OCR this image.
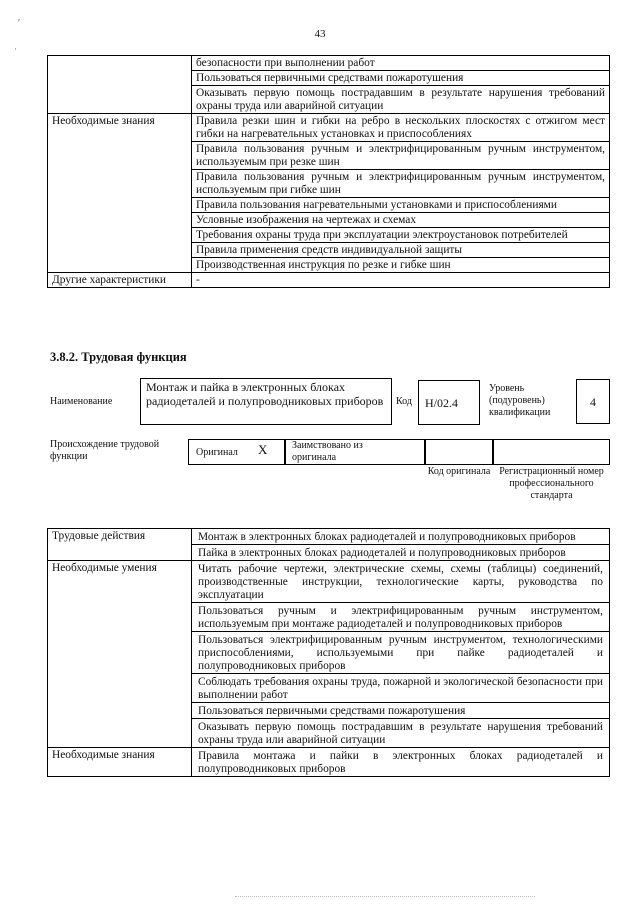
′
·
43
	безопасности при выполнении работ
	Пользоваться первичными средствами пожаротушения
	Оказывать первую помощь пострадавшим в результате нарушения требований охраны труда или аварийной ситуации
Необходимые знания	Правила резки шин и гибки на ребро в нескольких плоскостях с отжигом мест гибки на нагревательных установках и приспособлениях
	Правила пользования ручным и электрифицированным ручным инструментом, используемым при резке шин
	Правила пользования ручным и электрифицированным ручным инструментом, используемым при гибке шин
	Правила пользования нагревательными установками и приспособлениями
	Условные изображения на чертежах и схемах
	Требования охраны труда при эксплуатации электроустановок потребителей
	Правила применения средств индивидуальной защиты
	Производственная инструкция по резке и гибке шин
Другие характеристики	-
3.8.2. Трудовая функция
Наименование
Монтаж и пайка в электронных блоках радиодеталей и полупроводниковых приборов	Код	H/02.4
Уровень (подуровень) квалификации
4
Происхождение трудовой функции	Оригинал X Заимствовано из оригинала
Код оригинала Регистрационный номер профессионального стандарта
Трудовые действия	Монтаж в электронных блоках радиодеталей и полупроводниковых приборов
	Пайка в электронных блоках радиодеталей и полупроводниковых приборов
Необходимые умения	Читать рабочие чертежи, электрические схемы, схемы (таблицы) соединений, производственные инструкции, технологические карты, руководства по эксплуатации
	Пользоваться ручным и электрифицированным ручным инструментом, используемым при монтаже радиодеталей и полупроводниковых приборов
	Пользоваться электрифицированным ручным инструментом, технологическими приспособлениями, используемыми при пайке радиодеталей и полупроводниковых приборов
	Соблюдать требования охраны труда, пожарной и экологической безопасности при выполнении работ
	Пользоваться первичными средствами пожаротушения
	Оказывать первую помощь пострадавшим в результате нарушения требований охраны труда или аварийной ситуации
Необходимые знания	Правила монтажа и пайки в электронных блоках радиодеталей и полупроводниковых приборов
